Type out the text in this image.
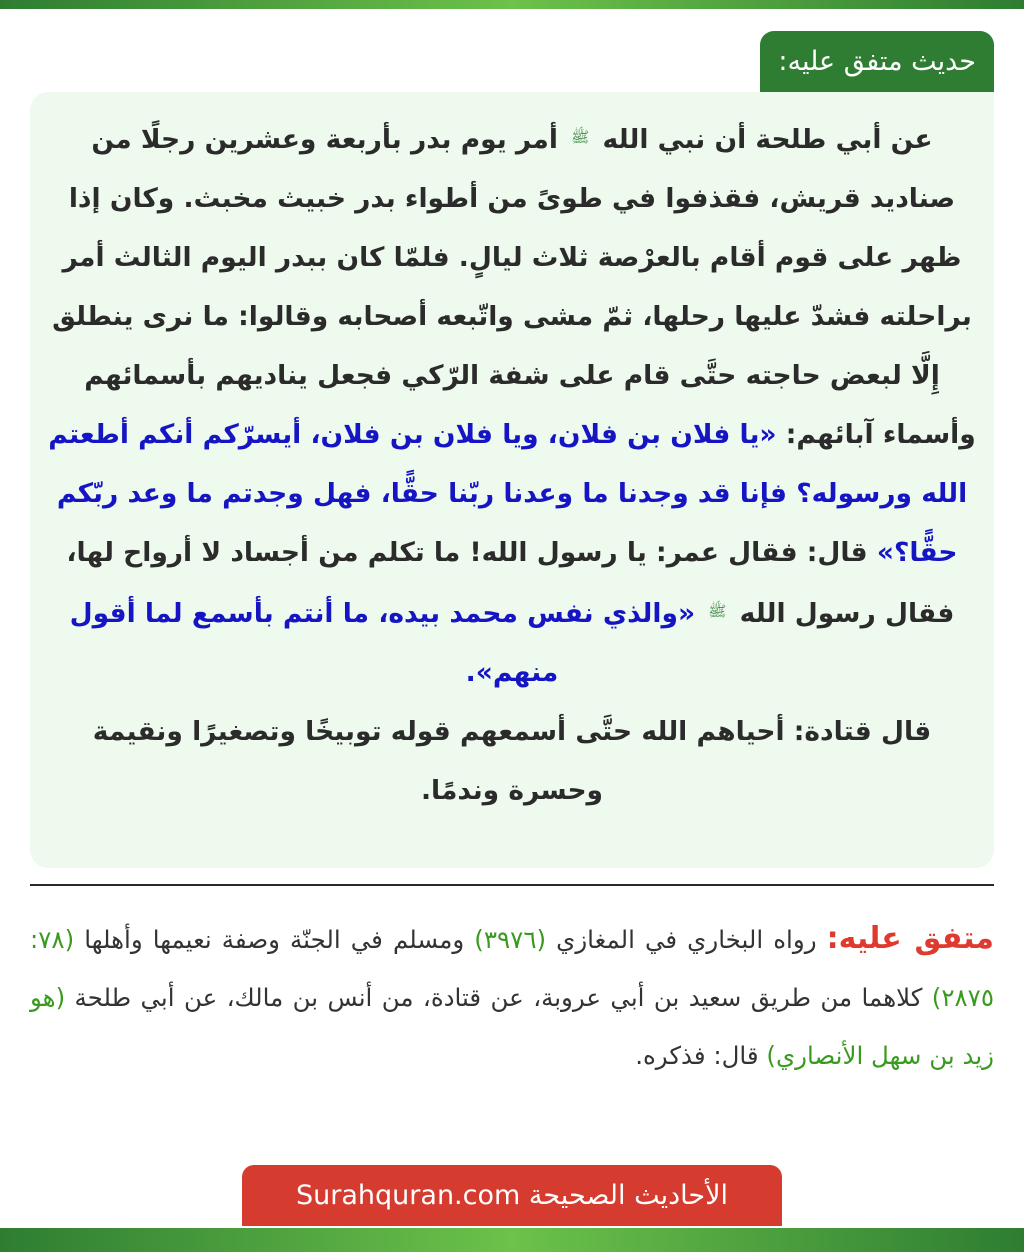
حديث متفق عليه:
عن أبي طلحة أن نبي الله $^ﷺ$ أمر يوم بدر بأربعة وعشرين رجلًا من صناديد قريش، فقذفوا في طوىً من أطواء بدر خبيث مخبث. وكان إذا ظهر على قوم أقام بالعرْصة ثلاث ليالٍ. فلمّا كان ببدر اليوم الثالث أمر براحلته فشدّ عليها رحلها، ثمّ مشى واتّبعه أصحابه وقالوا: ما نرى ينطلق إِلَّا لبعض حاجته حتَّى قام على شفة الرّكي فجعل يناديهم بأسمائهم وأسماء آبائهم: «يا فلان بن فلان، ويا فلان بن فلان، أيسرّكم أنكم أطعتم الله ورسوله؟ فإنا قد وجدنا ما وعدنا ربّنا حقًّا، فهل وجدتم ما وعد ربّكم حقًّا؟» قال: فقال عمر: يا رسول الله! ما تكلم من أجساد لا أرواح لها، فقال رسول الله $^ﷺ$ «والذي نفس محمد بيده، ما أنتم بأسمع لما أقول منهم».
قال قتادة: أحياهم الله حتَّى أسمعهم قوله توبيخًا وتصغيرًا ونقيمة وحسرة وندمًا.
متفق عليه: رواه البخاري في المغازي (٣٩٧٦) ومسلم في الجنّة وصفة نعيمها وأهلها (٧٨: ٢٨٧٥) كلاهما من طريق سعيد بن أبي عروبة، عن قتادة، من أنس بن مالك، عن أبي طلحة (هو زيد بن سهل الأنصاري) قال: فذكره.
الأحاديث الصحيحة Surahquran.com
